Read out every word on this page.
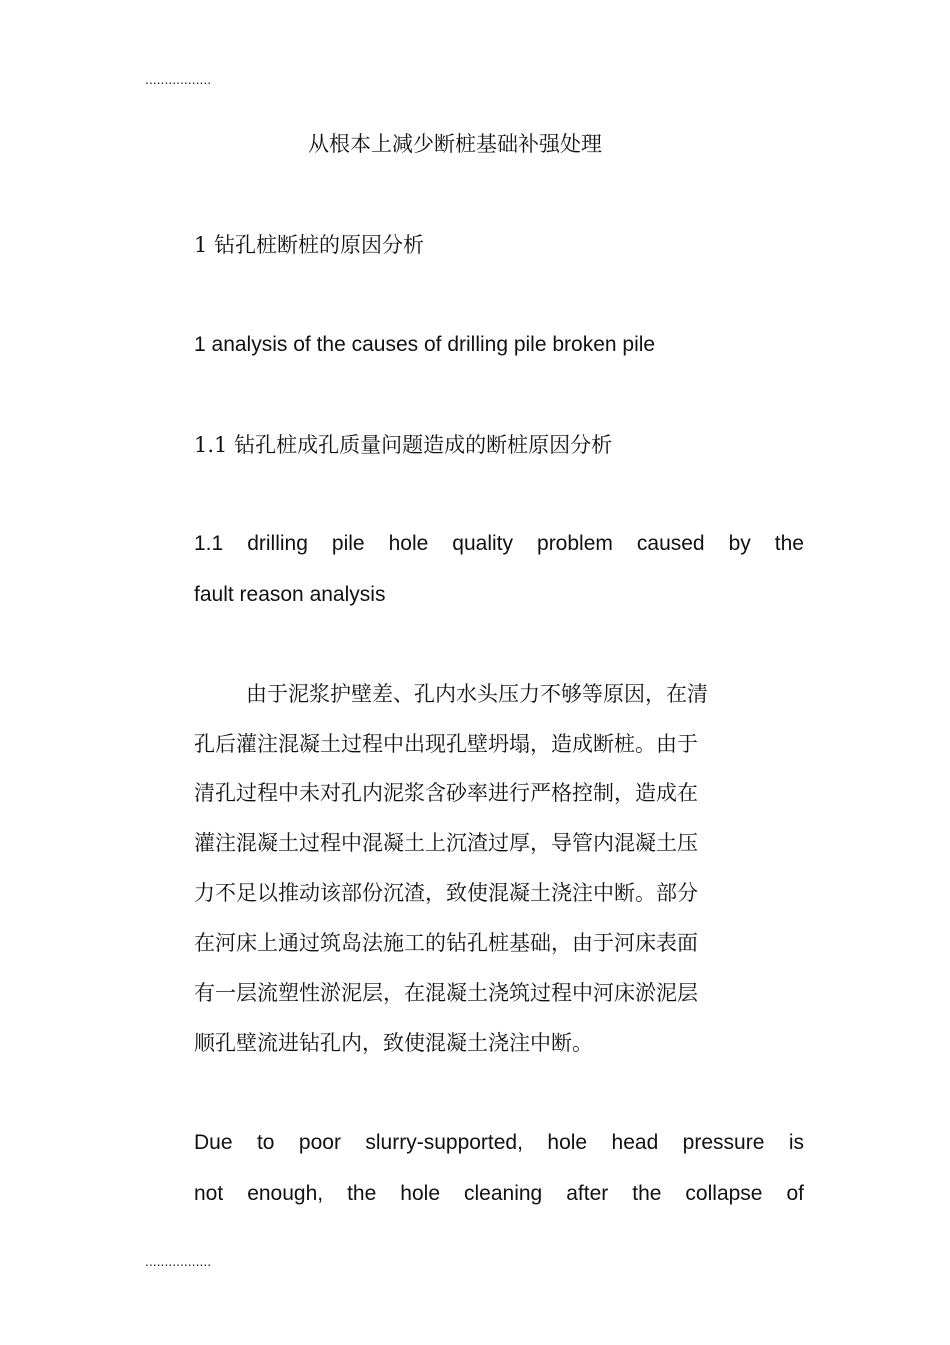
.................
从根本上减少断桩基础补强处理
1 钻孔桩断桩的原因分析
1 analysis of the causes of drilling pile broken pile
1.1 钻孔桩成孔质量问题造成的断桩原因分析
1.1 drilling pile hole quality problem caused by the
fault reason analysis
由于泥浆护壁差、孔内水头压力不够等原因，在清
孔后灌注混凝土过程中出现孔壁坍塌，造成断桩。由于
清孔过程中未对孔内泥浆含砂率进行严格控制，造成在
灌注混凝土过程中混凝土上沉渣过厚，导管内混凝土压
力不足以推动该部份沉渣，致使混凝土浇注中断。部分
在河床上通过筑岛法施工的钻孔桩基础，由于河床表面
有一层流塑性淤泥层，在混凝土浇筑过程中河床淤泥层
顺孔壁流进钻孔内，致使混凝土浇注中断。
Due to poor slurry-supported, hole head pressure is
not enough, the hole cleaning after the collapse of
.................
